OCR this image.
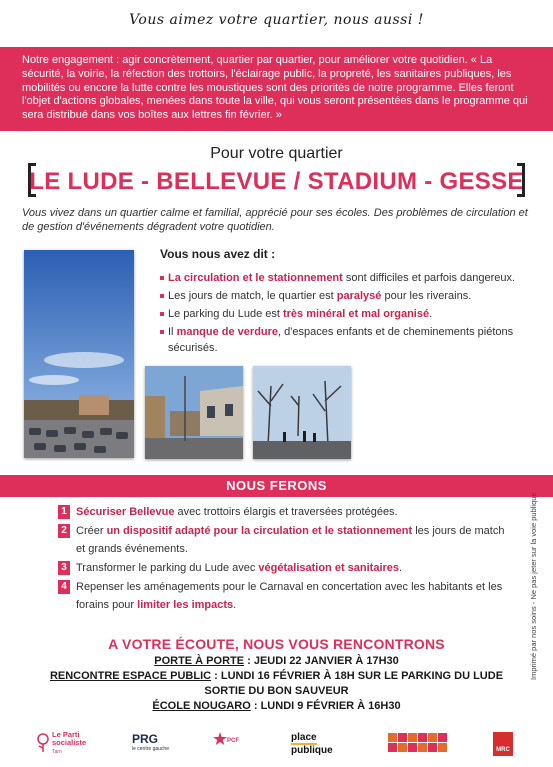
Vous aimez votre quartier, nous aussi !

Notre engagement : agir concrètement, quartier par quartier, pour améliorer votre quotidien. « La sécurité, la voirie, la réfection des trottoirs, l'éclairage public, la propreté, les sanitaires publiques, les mobilités ou encore la lutte contre les moustiques sont des priorités de notre programme. Elles feront l'objet d'actions globales, menées dans toute la ville, qui vous seront présentées dans le programme qui sera distribué dans vos boîtes aux lettres fin février. »

Pour votre quartier
LE LUDE - BELLEVUE / STADIUM - GESSE
Vous vivez dans un quartier calme et familial, apprécié pour ses écoles. Des problèmes de circulation et de gestion d'événements dégradent votre quotidien.
Vous nous avez dit :
La circulation et le stationnement sont difficiles et parfois dangereux.
Les jours de match, le quartier est paralysé pour les riverains.
Le parking du Lude est très minéral et mal organisé.
Il manque de verdure, d'espaces enfants et de cheminements piétons sécurisés.
NOUS FERONS
1 Sécuriser Bellevue avec trottoirs élargis et traversées protégées.
2 Créer un dispositif adapté pour la circulation et le stationnement les jours de match et grands événements.
3 Transformer le parking du Lude avec végétalisation et sanitaires.
4 Repenser les aménagements pour le Carnaval en concertation avec les habitants et les forains pour limiter les impacts.
A VOTRE ÉCOUTE, NOUS VOUS RENCONTRONS
PORTE À PORTE : JEUDI 22 JANVIER À 17H30
RENCONTRE ESPACE PUBLIC : LUNDI 16 FÉVRIER À 18H SUR LE PARKING DU LUDE
SORTIE DU BON SAUVEUR
ÉCOLE NOUGARO : LUNDI 9 FÉVRIER À 16H30
Le Parti socialiste
Tarn
PRG
le centre gauche
PCF	place
publique	MRC
Imprimé par nos soins - Ne pas jeter sur la voie publique
